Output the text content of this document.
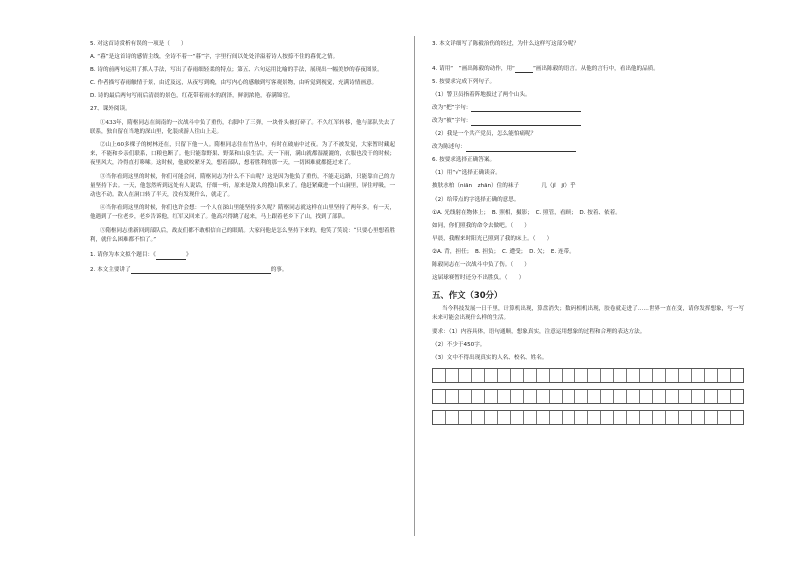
5. 对这首诗赏析有误的一项是（　　）
A. “暮”是这首诗的感情主线，全诗不着一“暮”字，字里行间以处处洋溢着诗人按捺不住的暮优之情。
B. 诗的前两句运用了抓人手法，写出了春雨细轻柔的特点；第五、六句运用比喻的手法，展现出一幅美妙的春夜图景。
C. 作者描写春雨触情于景，由近及远，从夜写到晚，由写内心的感触到写客观景物，由听觉到视觉，充满诗情画意。
D. 诗的最后两句写雨后清晨的景色，红花带着雨水的润泽，鲜润浓艳，春满锦官。
27、课外阅读。
①433年，隋枢同志在闽南的一次战斗中负了重伤，右脚中了三弹，一块骨头被打碎了。不久红军转移，他与部队失去了联系，独自留在当地的深山里，化装成游人往山上走。
②山上60多棵子的树林还在，只留下他一人。隋枢同志住在竹丛中，有时在破庙中过夜。为了不被发觉，大家暂时藏起来，不能和乡亲们联系，口粮也断了。他只能靠野果、野菜和山泉生活。天一下雨，满山就都湿漉漉的，衣服也没干的时候；夜里风大，冷得直打哆嗦。这时候，他就咬紧牙关，想着部队，想着胜利的那一天，一切困难就都挺过来了。
③当你看到这里的时候，你们可能会问，隋枢同志为什么不下山呢？这是因为他负了重伤，不能走远路，只能靠自己的力量坚持下去。一天，他忽然听到远处有人说话，仔细一听，原来是敌人的搜山队来了。他赶紧藏进一个山洞里，屏住呼吸，一动也不动。敌人在洞口转了半天，没有发现什么，就走了。
④当你看到这里的时候，你们也许会想：一个人在深山里能坚持多久呢？隋枢同志就这样在山里坚持了两年多。有一天，他遇到了一位老乡，老乡告诉他，红军又回来了。他高兴得跳了起来，马上跟着老乡下了山，找到了部队。
⑤隋枢同志重新回到部队后，战友们都不敢相信自己的眼睛。大家问他是怎么坚持下来的，他笑了笑说：“只要心里想着胜利，就什么困难都不怕了。”
1. 请你为本文拟个题目：《	》
2. 本文主要讲了	的事。
3. 本文详细写了陈毅治伤的经过，为什么这样写这部分呢？
4. 请用“　”画出陈毅的动作，用“	”画出陈毅的语言。从他的言行中，看出他的品质。
5. 按要求完成下列句子。
（1）警卫员指着阵地拔过了两个山头。
改为“把”字句：
改为“被”字句：
（2）我是一个共产党员，怎么能怕痛呢？
改为陈述句：
6. 按要求选择正确答案。
（1）用“√”选择正确读音。
披肤水柏（niān　zhān）住的袜子　　　　几（jǐ　jī）乎
（2）给带点的字选择正确的意思。
①A. 光线射在物体上；　B. 照相，摄影；　C. 照管，看顾；　D. 按着、依着。
如同，你们照我的命令去做吧。（　　）
早晨，我醒来时阳光已照到了我的床上。（　　）
②A. 背，担任；　B. 担负；　C. 遭受；　D. 欠；　E. 连带。
陈毅同志在一次战斗中负了伤。（　　）
这届球赛暂时还分不出胜负。（　　）
五、作文（30分）
当今科技发展一日千里，计算机出现，算盘消失；数码相机出现，胶卷就走进了……世界一直在变，请你发挥想象，写一写未来可能会出现什么样的生活。
要求：（1）内容具体，语句通顺，想象真实，注意运用想象的过程和合理的表达方法。
（2）不少于450字。
（3）文中不得出现真实的人名、校名、姓名。
